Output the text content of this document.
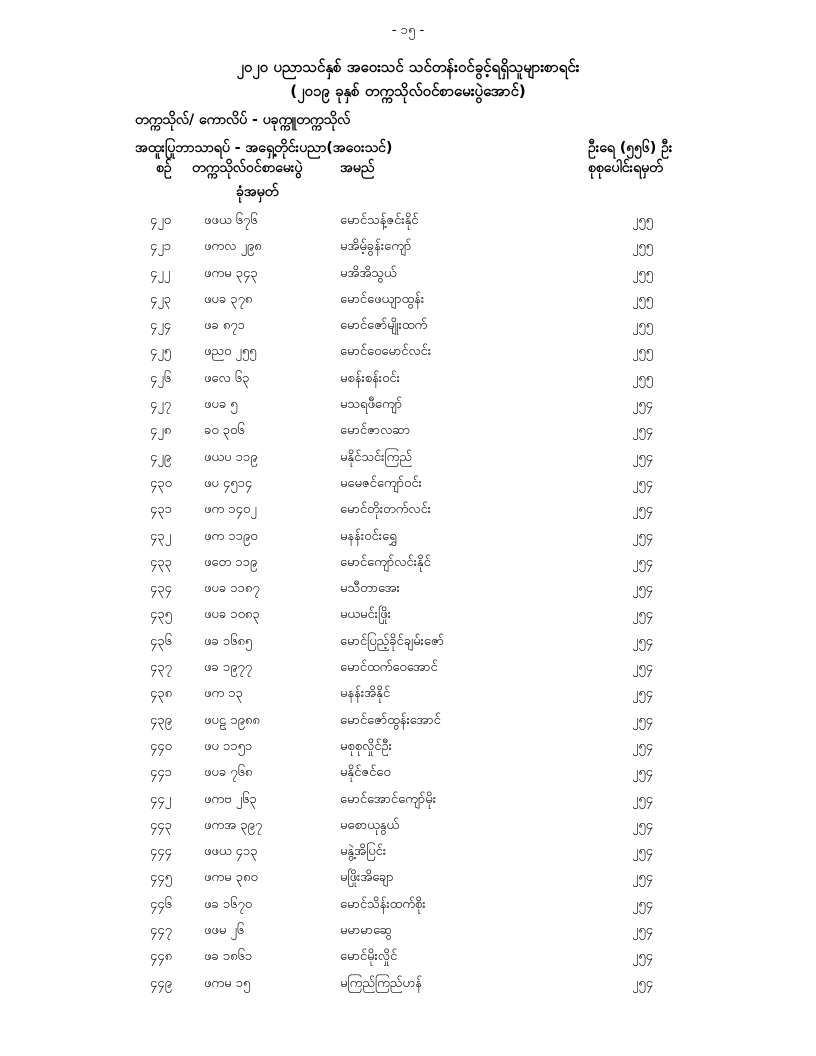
- ၁၅ -
၂၀၂၀ ပညာသင်နှစ် အဝေးသင် သင်တန်းဝင်ခွင့်ရရှိသူများစာရင်း
(၂၀၁၉ ခုနှစ် တက္ကသိုလ်ဝင်စာမေးပွဲအောင်)
တက္ကသိုလ်/ ကောလိပ် - ပခုက္ကူတက္ကသိုလ်
အထူးပြုဘာသာရပ် - အရှေ့တိုင်းပညာ(အဝေးသင်)	ဦးရေ (၅၅၆) ဦး
စဉ် တက္ကသိုလ်ဝင်စာမေးပွဲ
ခုံအမှတ်
အမည်	စုစုပေါင်းရမှတ်
၄၂၀	ဖဖယ ၆၇၆	မောင်သန့်ဇင်းနိုင်	၂၅၅
၄၂၁	ဖကလ ၂၉၈	မအိမ့်ခွန်းကျော်	၂၅၅
၄၂၂	ဖကမ ၃၄၃	မအိအိသွယ်	၂၅၅
၄၂၃	ဖပခ ၃၇၈	မောင်ဖေယျာထွန်း	၂၅၅
၄၂၄	ဖခ ၈၇၁	မောင်ဇော်မျိုးထက်	၂၅၅
၄၂၅	ဖညဝ ၂၅၅	မောင်ဝေမောင်လင်း	၂၅၅
၄၂၆	ဖလေ ၆၃	မစန်းစန်းဝင်း	၂၅၅
၄၂၇	ဖပခ ၅	မသရဖီကျော်	၂၅၄
၄၂၈	ခဝ ၃၀၆	မောင်ဇာလဆာ	၂၅၄
၄၂၉	ဖယပ ၁၁၉	မနိုင်သင်းကြည်	၂၅၄
၄၃၀ ဖပ ၄၅၁၄	မမေဇင်ကျော်ဝင်း	၂၅၄
၄၃၁ ဖက ၁၄၀၂	မောင်တိုးတက်လင်း	၂၅၄
၄၃၂	ဖက ၁၁၉၀	မနန်းဝင်းရွှေ	၂၅၄
၄၃၃ ဖတေ ၁၁၉	မောင်ကျော်လင်းနိုင်	၂၅၄
၄၃၄ ဖပခ ၁၁၈၇	မသီတာအေး	၂၅၄
၄၃၅ ဖပခ ၁၀၈၃	မယမင်းဖြိုး	၂၅၄
၄၃၆ ဖခ ၁၆၈၅	မောင်ပြည့်ခိုင်ချမ်းဇော်	၂၅၄
၄၃၇ ဖခ ၁၉၇၇	မောင်ထက်ဝေအောင်	၂၅၄
၄၃၈ ဖက ၁၃	မနန်းအိနိုင်	၂၅၄
၄၃၉ ဖပဠ ၁၉၈၈	မောင်ဇော်ထွန်းအောင်	၂၅၄
၄၄၀ ဖပ ၁၁၅၁	မစုစုလှိုင်ဦး	၂၅၄
၄၄၁ ဖပခ ၇၆၈	မနိုင်ဇင်ဝေ	၂၅၄
၄၄၂	ဖကဗ ၂၆၃	မောင်အောင်ကျော်မိုး	၂၅၄
၄၄၃ ဖကအ ၃၉၇	မစောယုနွယ်	၂၅၄
၄၄၄ ဖဖယ ၄၁၃	မနွဲ့အိပြင်း	၂၅၄
၄၄၅ ဖကမ ၃၈၀	မဖြိုးအိချော	၂၅၄
၄၄၆ ဖခ ၁၆၇၀	မောင်သိန်းထက်စိုး	၂၅၄
၄၄၇ ဖဖမ ၂၆	မမာမာဆွေ	၂၅၄
၄၄၈ ဖခ ၁၈၆၁	မောင်မိုးလှိုင်	၂၅၄
၄၄၉ ဖကမ ၁၅	မကြည်ကြည်ဟန်	၂၅၄
